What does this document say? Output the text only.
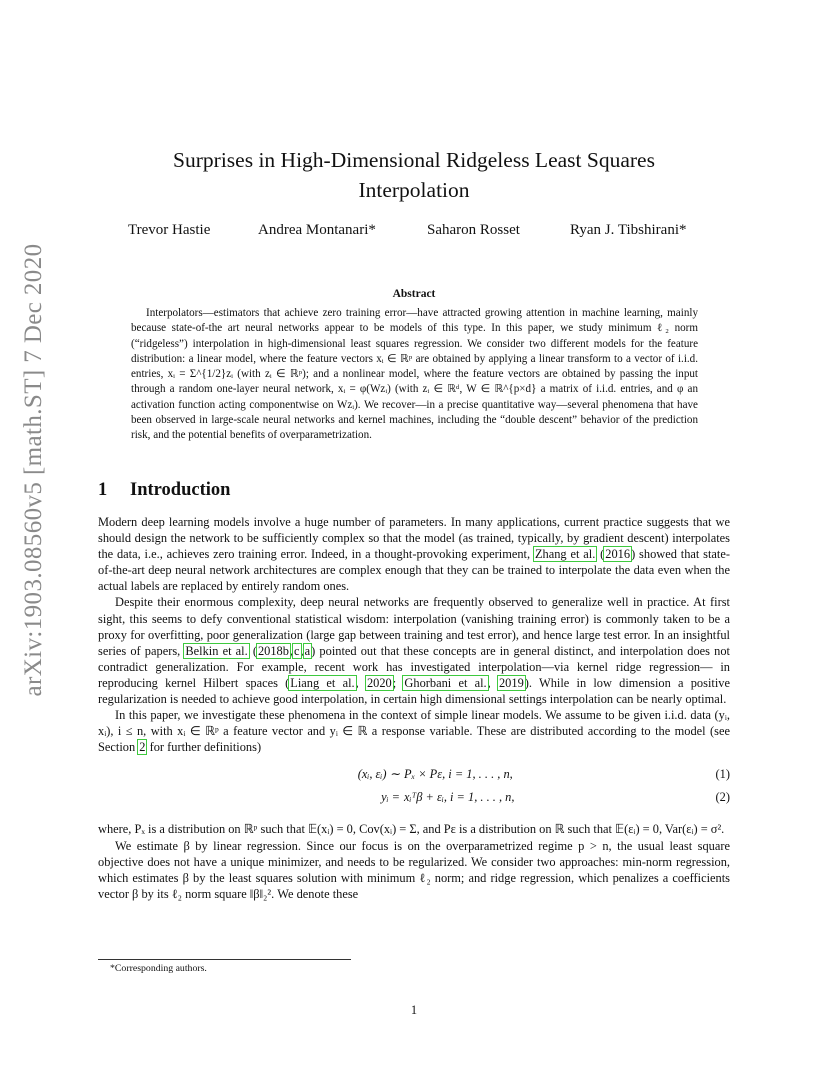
arXiv:1903.08560v5 [math.ST] 7 Dec 2020
Surprises in High-Dimensional Ridgeless Least Squares
Interpolation
Trevor Hastie	Andrea Montanari*	Saharon Rosset	Ryan J. Tibshirani*
Abstract
Interpolators—estimators that achieve zero training error—have attracted growing attention in machine learning, mainly because state-of-the art neural networks appear to be models of this type. In this paper, we study minimum ℓ₂ norm (“ridgeless”) interpolation in high-dimensional least squares regression. We consider two different models for the feature distribution: a linear model, where the feature vectors xᵢ ∈ ℝᵖ are obtained by applying a linear transform to a vector of i.i.d. entries, xᵢ = Σ^{1/2}zᵢ (with zᵢ ∈ ℝᵖ); and a nonlinear model, where the feature vectors are obtained by passing the input through a random one-layer neural network, xᵢ = φ(Wzᵢ) (with zᵢ ∈ ℝᵈ, W ∈ ℝ^{p×d} a matrix of i.i.d. entries, and φ an activation function acting componentwise on Wzᵢ). We recover—in a precise quantitative way—several phenomena that have been observed in large-scale neural networks and kernel machines, including the “double descent” behavior of the prediction risk, and the potential benefits of overparametrization.
1 Introduction

Modern deep learning models involve a huge number of parameters. In many applications, current practice suggests that we should design the network to be sufficiently complex so that the model (as trained, typically, by gradient descent) interpolates the data, i.e., achieves zero training error. Indeed, in a thought-provoking experiment, Zhang et al. (2016) showed that state-of-the-art deep neural network architectures are complex enough that they can be trained to interpolate the data even when the actual labels are replaced by entirely random ones.

Despite their enormous complexity, deep neural networks are frequently observed to generalize well in practice. At first sight, this seems to defy conventional statistical wisdom: interpolation (vanishing training error) is commonly taken to be a proxy for overfitting, poor generalization (large gap between training and test error), and hence large test error. In an insightful series of papers, Belkin et al. (2018b,c,a) pointed out that these concepts are in general distinct, and interpolation does not contradict generalization. For example, recent work has investigated interpolation—via kernel ridge regression— in reproducing kernel Hilbert spaces (Liang et al., 2020; Ghorbani et al., 2019). While in low dimension a positive regularization is needed to achieve good interpolation, in certain high dimensional settings interpolation can be nearly optimal.

In this paper, we investigate these phenomena in the context of simple linear models. We assume to be given i.i.d. data (yᵢ, xᵢ), i ≤ n, with xᵢ ∈ ℝᵖ a feature vector and yᵢ ∈ ℝ a response variable. These are distributed according to the model (see Section 2 for further definitions)

(xᵢ, εᵢ) ∼ Pₓ × Pε, i = 1, . . . , n,	(1)
yᵢ = xᵢᵀβ + εᵢ, i = 1, . . . , n,	(2)

where, Pₓ is a distribution on ℝᵖ such that 𝔼(xᵢ) = 0, Cov(xᵢ) = Σ, and Pε is a distribution on ℝ such that 𝔼(εᵢ) = 0, Var(εᵢ) = σ².

We estimate β by linear regression. Since our focus is on the overparametrized regime p > n, the usual least square objective does not have a unique minimizer, and needs to be regularized. We consider two approaches: min-norm regression, which estimates β by the least squares solution with minimum ℓ₂ norm; and ridge regression, which penalizes a coefficients vector β by its ℓ₂ norm square ‖β‖₂². We denote these

*Corresponding authors.
1
